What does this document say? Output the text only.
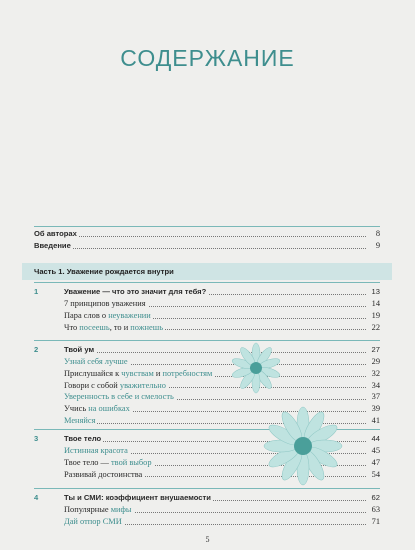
СОДЕРЖАНИЕ
Об авторах	8
Введение	9
Часть 1. Уважение рождается внутри
1	Уважение — что это значит для тебя?	13
7 принципов уважения	14
Пара слов о неуважении	19
Что посеешь, то и пожнешь	22
2	Твой ум	27
Узнай себя лучше	29
Прислушайся к чувствам и потребностям	32
Говори с собой уважительно	34
Уверенность в себе и смелость	37
Учись на ошибках	39
Меняйся	41
3	Твое тело	44
Истинная красота	45
Твое тело — твой выбор	47
Развивай достоинства	54
4	Ты и СМИ: коэффициент внушаемости	62
Популярные мифы	63
Дай отпор СМИ	71
5
